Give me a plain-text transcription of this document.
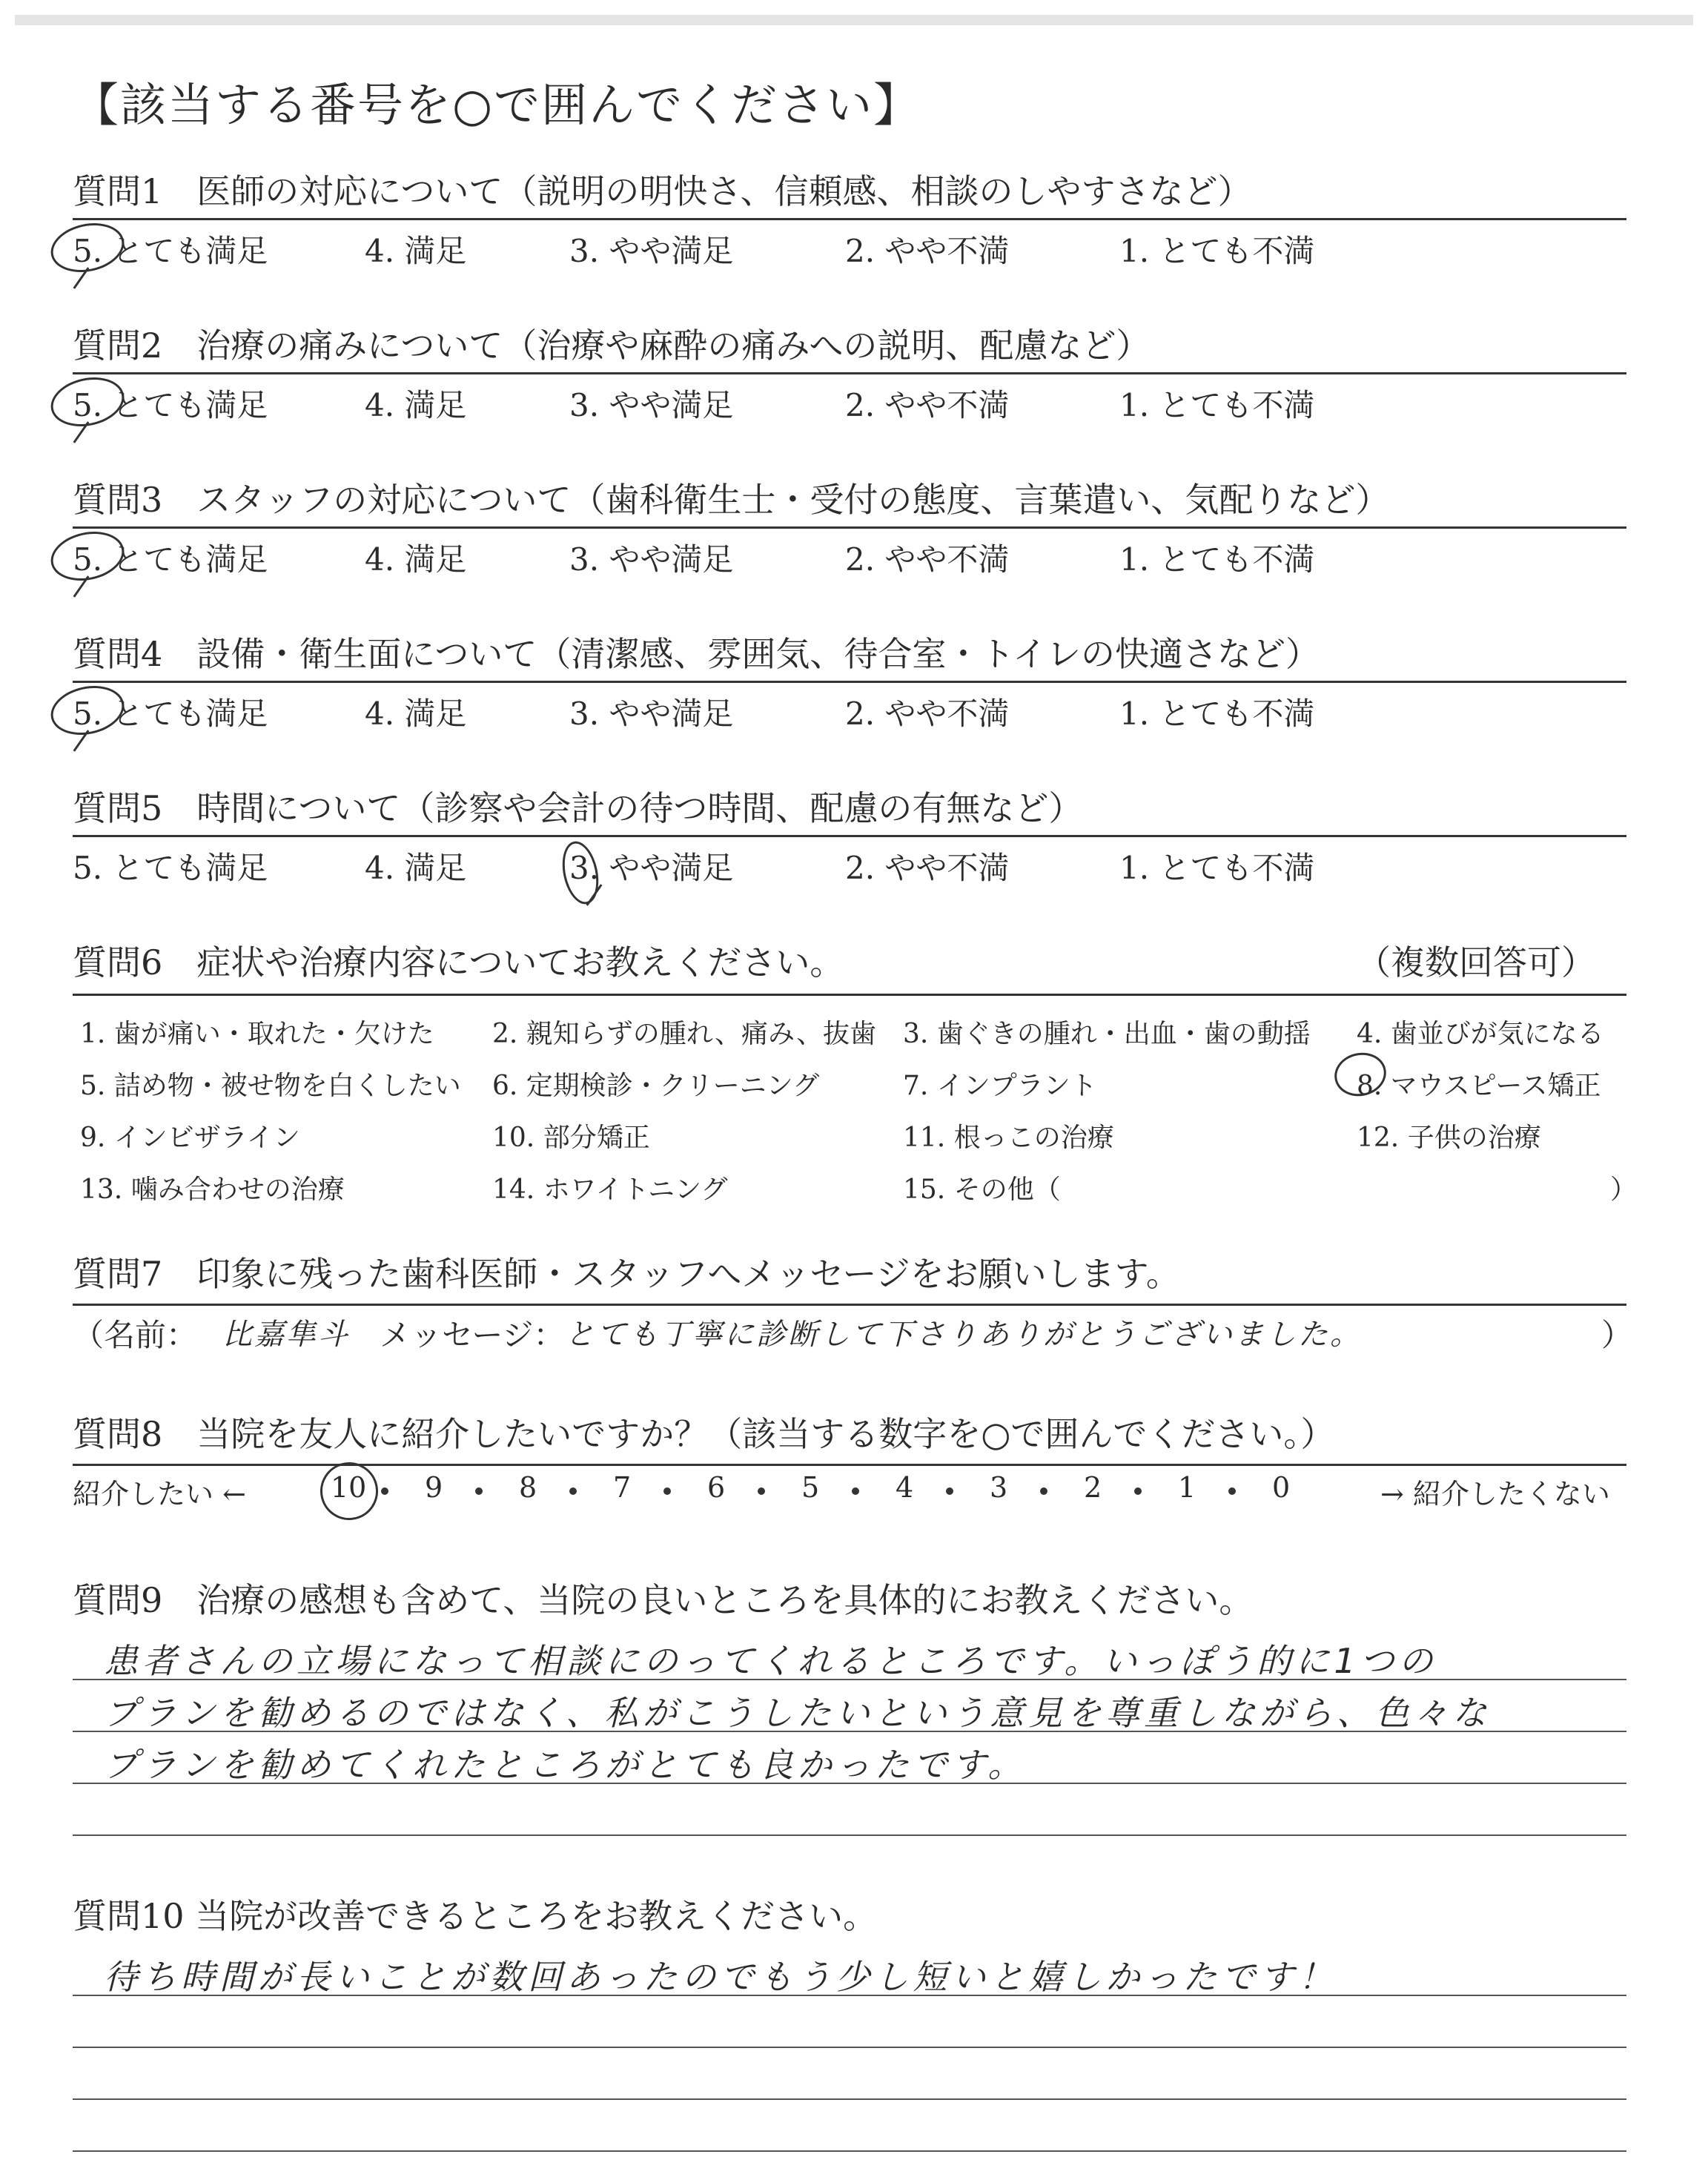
【該当する番号を○で囲んでください】
質問1　医師の対応について（説明の明快さ、信頼感、相談のしやすさなど）
5. とても満足	4. 満足	3. やや満足	2. やや不満	1. とても不満
質問2　治療の痛みについて（治療や麻酔の痛みへの説明、配慮など）
5. とても満足	4. 満足	3. やや満足	2. やや不満	1. とても不満
質問3　スタッフの対応について（歯科衛生士・受付の態度、言葉遣い、気配りなど）
5. とても満足	4. 満足	3. やや満足	2. やや不満	1. とても不満
質問4　設備・衛生面について（清潔感、雰囲気、待合室・トイレの快適さなど）
5. とても満足	4. 満足	3. やや満足	2. やや不満	1. とても不満
質問5　時間について（診察や会計の待つ時間、配慮の有無など）
5. とても満足	4. 満足	3. やや満足	2. やや不満	1. とても不満
質問6　症状や治療内容についてお教えください。	（複数回答可）
1. 歯が痛い・取れた・欠けた 2. 親知らずの腫れ、痛み、抜歯 3. 歯ぐきの腫れ・出血・歯の動揺 4. 歯並びが気になる
5. 詰め物・被せ物を白くしたい 6. 定期検診・クリーニング	7. インプラント	8. マウスピース矯正
9. インビザライン	10. 部分矯正	11. 根っこの治療	12. 子供の治療
13. 噛み合わせの治療	14. ホワイトニング	15. その他（	）
質問7　印象に残った歯科医師・スタッフへメッセージをお願いします。
（名前： 比嘉隼斗 メッセージ： とても丁寧に診断して下さりありがとうございました。	）
質問8　当院を友人に紹介したいですか？（該当する数字を○で囲んでください。）
紹介したい ←	10 9	8	7	6	5	4	3	2	1	0	→ 紹介したくない
質問9　治療の感想も含めて、当院の良いところを具体的にお教えください。
患者さんの立場になって相談にのってくれるところです。いっぽう的に1つの
プランを勧めるのではなく、私がこうしたいという意見を尊重しながら、色々な
プランを勧めてくれたところがとても良かったです。
質問10 当院が改善できるところをお教えください。
待ち時間が長いことが数回あったのでもう少し短いと嬉しかったです！
